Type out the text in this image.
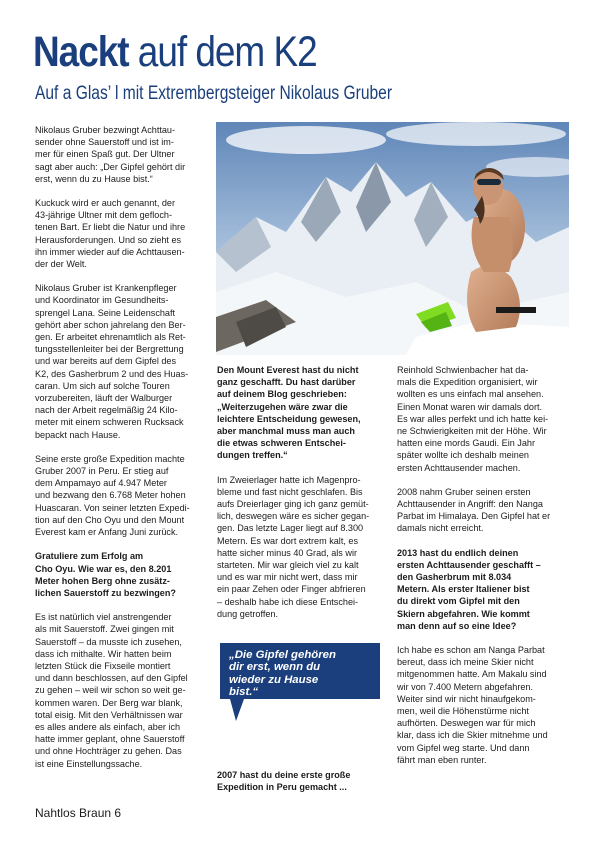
Nackt auf dem K2
Auf a Glas’ l mit Extrembergsteiger Nikolaus Gruber

Nikolaus Gruber bezwingt Achttau-
sender ohne Sauerstoff und ist im-
mer für einen Spaß gut. Der Ultner
sagt aber auch: „Der Gipfel gehört dir
erst, wenn du zu Hause bist.“

Kuckuck wird er auch genannt, der
43-jährige Ultner mit dem gefloch-
tenen Bart. Er liebt die Natur und ihre
Herausforderungen. Und so zieht es
ihn immer wieder auf die Achttausen-
der der Welt.

Nikolaus Gruber ist Krankenpfleger
und Koordinator im Gesundheits-
sprengel Lana. Seine Leidenschaft
gehört aber schon jahrelang den Ber-
gen. Er arbeitet ehrenamtlich als Ret-
tungsstellenleiter bei der Bergrettung
und war bereits auf dem Gipfel des
K2, des Gasherbrum 2 und des Huas-
caran. Um sich auf solche Touren
vorzubereiten, läuft der Walburger
nach der Arbeit regelmäßig 24 Kilo-
meter mit einem schweren Rucksack
bepackt nach Hause.

Seine erste große Expedition machte
Gruber 2007 in Peru. Er stieg auf
dem Ampamayo auf 4.947 Meter
und bezwang den 6.768 Meter hohen
Huascaran. Von seiner letzten Expedi-
tion auf den Cho Oyu und den Mount
Everest kam er Anfang Juni zurück.

Gratuliere zum Erfolg am
Cho Oyu. Wie war es, den 8.201
Meter hohen Berg ohne zusätz-
lichen Sauerstoff zu bezwingen?

Es ist natürlich viel anstrengender
als mit Sauerstoff. Zwei gingen mit
Sauerstoff – da musste ich zusehen,
dass ich mithalte. Wir hatten beim
letzten Stück die Fixseile montiert
und dann beschlossen, auf den Gipfel
zu gehen – weil wir schon so weit ge-
kommen waren. Der Berg war blank,
total eisig. Mit den Verhältnissen war
es alles andere als einfach, aber ich
hatte immer geplant, ohne Sauerstoff
und ohne Hochträger zu gehen. Das
ist eine Einstellungssache.

Den Mount Everest hast du nicht
ganz geschafft. Du hast darüber
auf deinem Blog geschrieben:
„Weiterzugehen wäre zwar die
leichtere Entscheidung gewesen,
aber manchmal muss man auch
die etwas schweren Entschei-
dungen treffen.“

Im Zweierlager hatte ich Magenpro-
bleme und fast nicht geschlafen. Bis
aufs Dreierlager ging ich ganz gemüt-
lich, deswegen wäre es sicher gegan-
gen. Das letzte Lager liegt auf 8.300
Metern. Es war dort extrem kalt, es
hatte sicher minus 40 Grad, als wir
starteten. Mir war gleich viel zu kalt
und es war mir nicht wert, dass mir
ein paar Zehen oder Finger abfrieren
– deshalb habe ich diese Entschei-
dung getroffen.

„Die Gipfel gehören
dir erst, wenn du
wieder zu Hause
bist.“

2007 hast du deine erste große
Expedition in Peru gemacht ...

Reinhold Schwienbacher hat da-
mals die Expedition organisiert, wir
wollten es uns einfach mal ansehen.
Einen Monat waren wir damals dort.
Es war alles perfekt und ich hatte kei-
ne Schwierigkeiten mit der Höhe. Wir
hatten eine mords Gaudi. Ein Jahr
später wollte ich deshalb meinen
ersten Achttausender machen.

2008 nahm Gruber seinen ersten
Achttausender in Angriff: den Nanga
Parbat im Himalaya. Den Gipfel hat er
damals nicht erreicht.

2013 hast du endlich deinen
ersten Achttausender geschafft –
den Gasherbrum mit 8.034
Metern. Als erster Italiener bist
du direkt vom Gipfel mit den
Skiern abgefahren. Wie kommt
man denn auf so eine Idee?

Ich habe es schon am Nanga Parbat
bereut, dass ich meine Skier nicht
mitgenommen hatte. Am Makalu sind
wir von 7.400 Metern abgefahren.
Weiter sind wir nicht hinaufgekom-
men, weil die Höhenstürme nicht
aufhörten. Deswegen war für mich
klar, dass ich die Skier mitnehme und
vom Gipfel weg starte. Und dann
fährt man eben runter.

Nahtlos Braun 6
